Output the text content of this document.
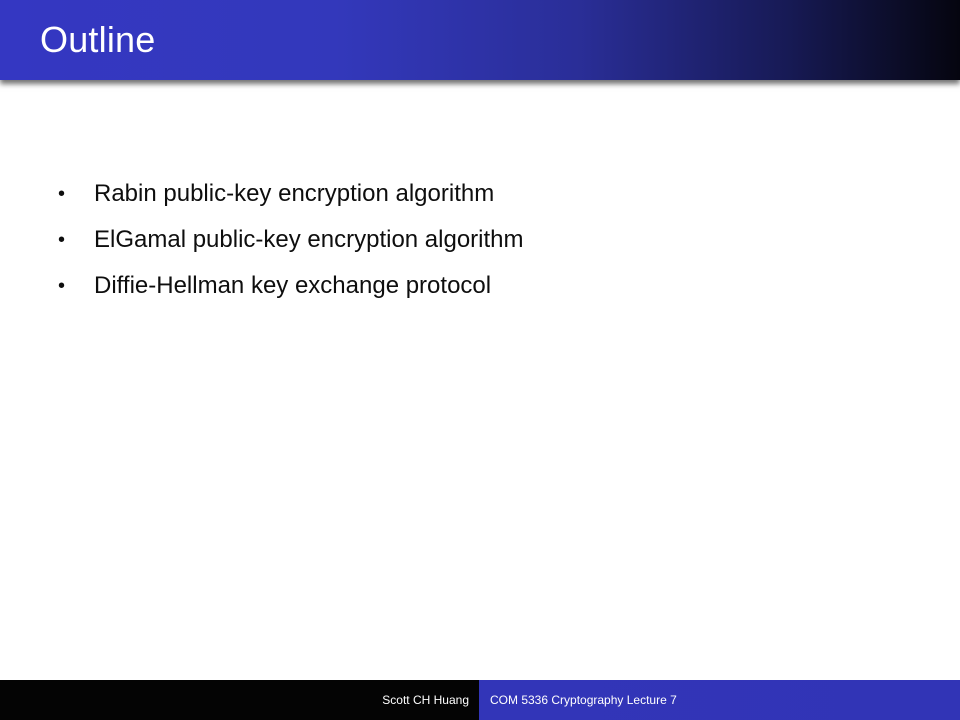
Outline
• Rabin public-key encryption algorithm
• ElGamal public-key encryption algorithm
• Diffie-Hellman key exchange protocol
Scott CH Huang COM 5336 Cryptography Lecture 7
